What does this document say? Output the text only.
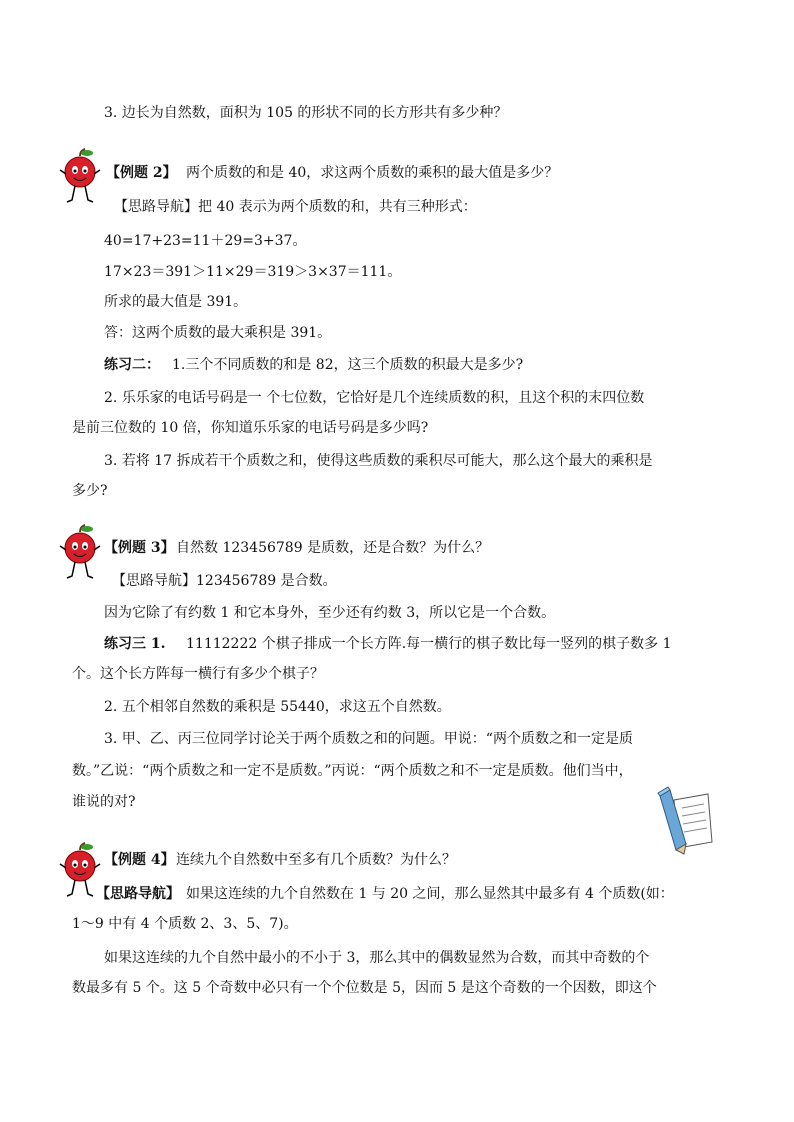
3. 边长为自然数，面积为 105 的形状不同的长方形共有多少种？
【例题 2】 两个质数的和是 40，求这两个质数的乘积的最大值是多少？
【思路导航】把 40 表示为两个质数的和，共有三种形式：
40=17+23=11＋29=3+37。
17×23＝391＞11×29＝319＞3×37＝111。
所求的最大值是 391。
答：这两个质数的最大乘积是 391。
练习二： 1.三个不同质数的和是 82，这三个质数的积最大是多少?
2. 乐乐家的电话号码是一 个七位数，它恰好是几个连续质数的积，且这个积的末四位数
是前三位数的 10 倍，你知道乐乐家的电话号码是多少吗?
3. 若将 17 拆成若干个质数之和，使得这些质数的乘积尽可能大，那么这个最大的乘积是
多少?
【例题 3】 自然数 123456789 是质数，还是合数？为什么？
【思路导航】123456789 是合数。
因为它除了有约数 1 和它本身外，至少还有约数 3，所以它是一个合数。
练习三 1. 11112222 个棋子排成一个长方阵.每一横行的棋子数比每一竖列的棋子数多 1
个。这个长方阵每一横行有多少个棋子？
2. 五个相邻自然数的乘积是 55440，求这五个自然数。
3. 甲、乙、丙三位同学讨论关于两个质数之和的问题。甲说：“两个质数之和一定是质
数。”乙说：“两个质数之和一定不是质数。”丙说：“两个质数之和不一定是质数。他们当中，
谁说的对?
【例题 4】 连续九个自然数中至多有几个质数？为什么？
【思路导航】 如果这连续的九个自然数在 1 与 20 之间，那么显然其中最多有 4 个质数(如：
1～9 中有 4 个质数 2、3、5、7)。
如果这连续的九个自然中最小的不小于 3，那么其中的偶数显然为合数，而其中奇数的个
数最多有 5 个。这 5 个奇数中必只有一个个位数是 5，因而 5 是这个奇数的一个因数，即这个
